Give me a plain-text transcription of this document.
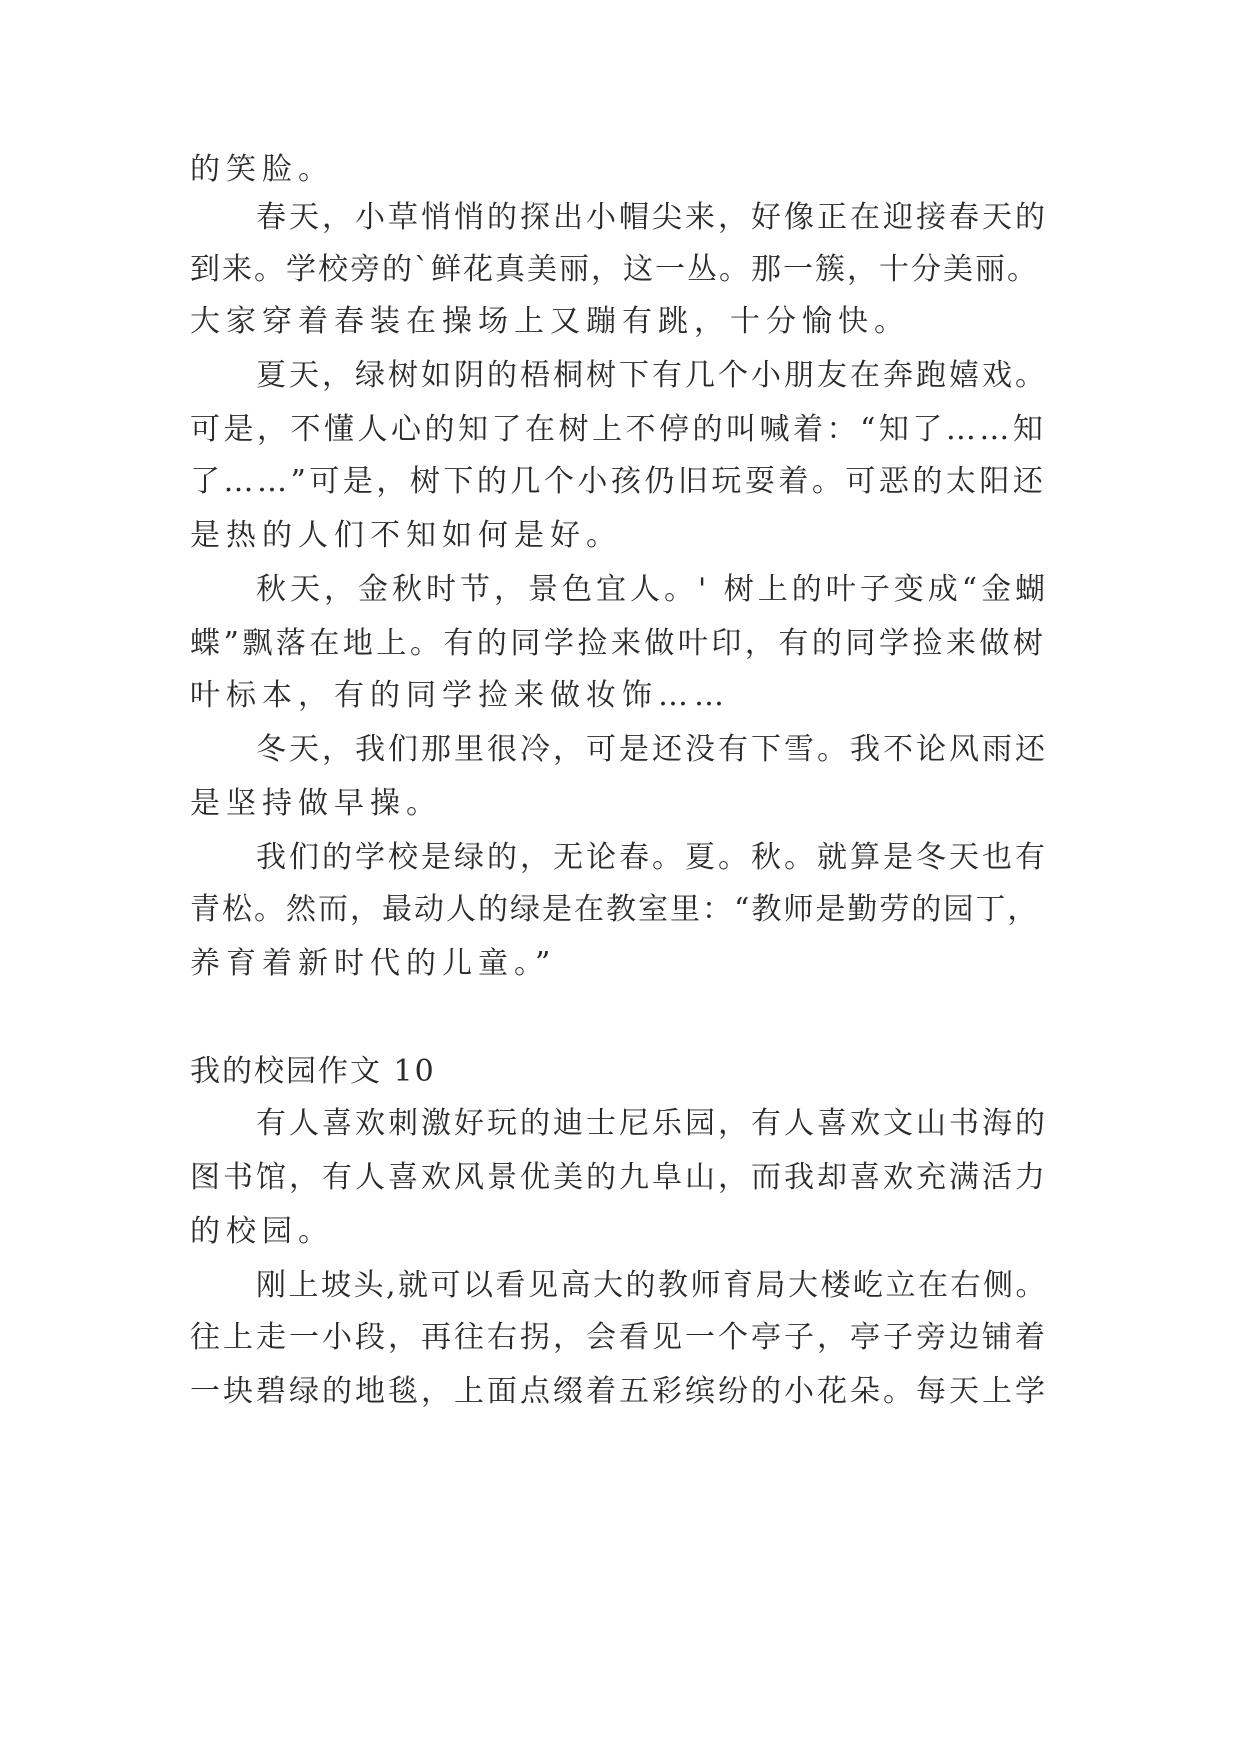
的笑脸。

春天，小草悄悄的探出小帽尖来，好像正在迎接春天的

到来。学校旁的`鲜花真美丽，这一丛。那一簇，十分美丽。

大家穿着春装在操场上又蹦有跳，十分愉快。

夏天，绿树如阴的梧桐树下有几个小朋友在奔跑嬉戏。

可是，不懂人心的知了在树上不停的叫喊着：“知了……知

了……”可是，树下的几个小孩仍旧玩耍着。可恶的太阳还

是热的人们不知如何是好。

秋天，金秋时节，景色宜人。' 树上的叶子变成“金蝴

蝶”飘落在地上。有的同学捡来做叶印，有的同学捡来做树

叶标本，有的同学捡来做妆饰……

冬天，我们那里很冷，可是还没有下雪。我不论风雨还

是坚持做早操。

我们的学校是绿的，无论春。夏。秋。就算是冬天也有

青松。然而，最动人的绿是在教室里：“教师是勤劳的园丁，

养育着新时代的儿童。”

我的校园作文 10

有人喜欢刺激好玩的迪士尼乐园，有人喜欢文山书海的

图书馆，有人喜欢风景优美的九阜山，而我却喜欢充满活力

的校园。

刚上坡头,就可以看见高大的教师育局大楼屹立在右侧。

往上走一小段，再往右拐，会看见一个亭子，亭子旁边铺着

一块碧绿的地毯，上面点缀着五彩缤纷的小花朵。每天上学
